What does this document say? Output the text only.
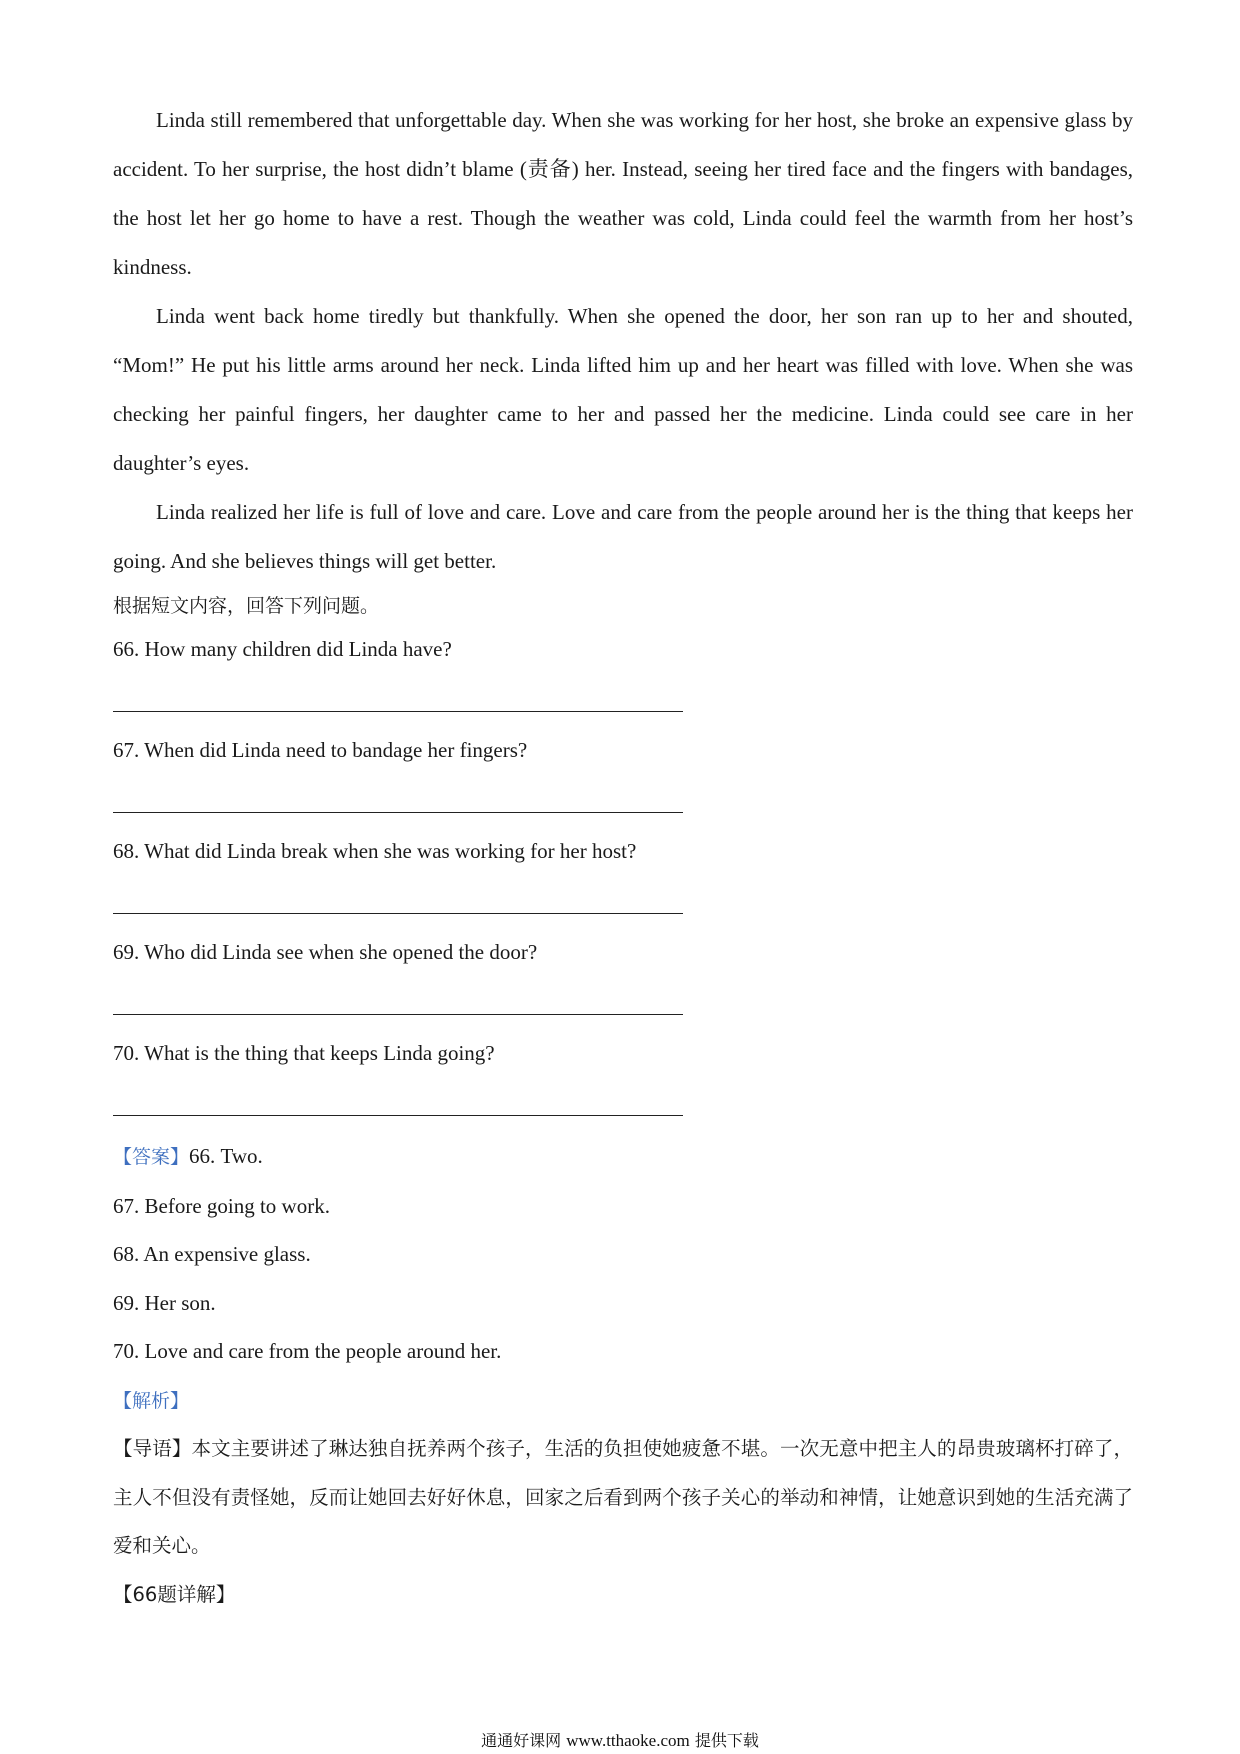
Linda still remembered that unforgettable day. When she was working for her host, she broke an expensive glass by accident. To her surprise, the host didn’t blame (责备) her. Instead, seeing her tired face and the fingers with bandages, the host let her go home to have a rest. Though the weather was cold, Linda could feel the warmth from her host’s kindness.

Linda went back home tiredly but thankfully. When she opened the door, her son ran up to her and shouted, “Mom!” He put his little arms around her neck. Linda lifted him up and her heart was filled with love. When she was checking her painful fingers, her daughter came to her and passed her the medicine. Linda could see care in her daughter’s eyes.

Linda realized her life is full of love and care. Love and care from the people around her is the thing that keeps her going. And she believes things will get better.

根据短文内容，回答下列问题。

66. How many children did Linda have?

67. When did Linda need to bandage her fingers?

68. What did Linda break when she was working for her host?

69. Who did Linda see when she opened the door?

70. What is the thing that keeps Linda going?

【答案】66. Two.

67. Before going to work.

68. An expensive glass.

69. Her son.

70. Love and care from the people around her.

【解析】

【导语】本文主要讲述了琳达独自抚养两个孩子，生活的负担使她疲惫不堪。一次无意中把主人的昂贵玻璃杯打碎了，主人不但没有责怪她，反而让她回去好好休息，回家之后看到两个孩子关心的举动和神情，让她意识到她的生活充满了爱和关心。

【66题详解】

通通好课网 www.tthaoke.com 提供下载
